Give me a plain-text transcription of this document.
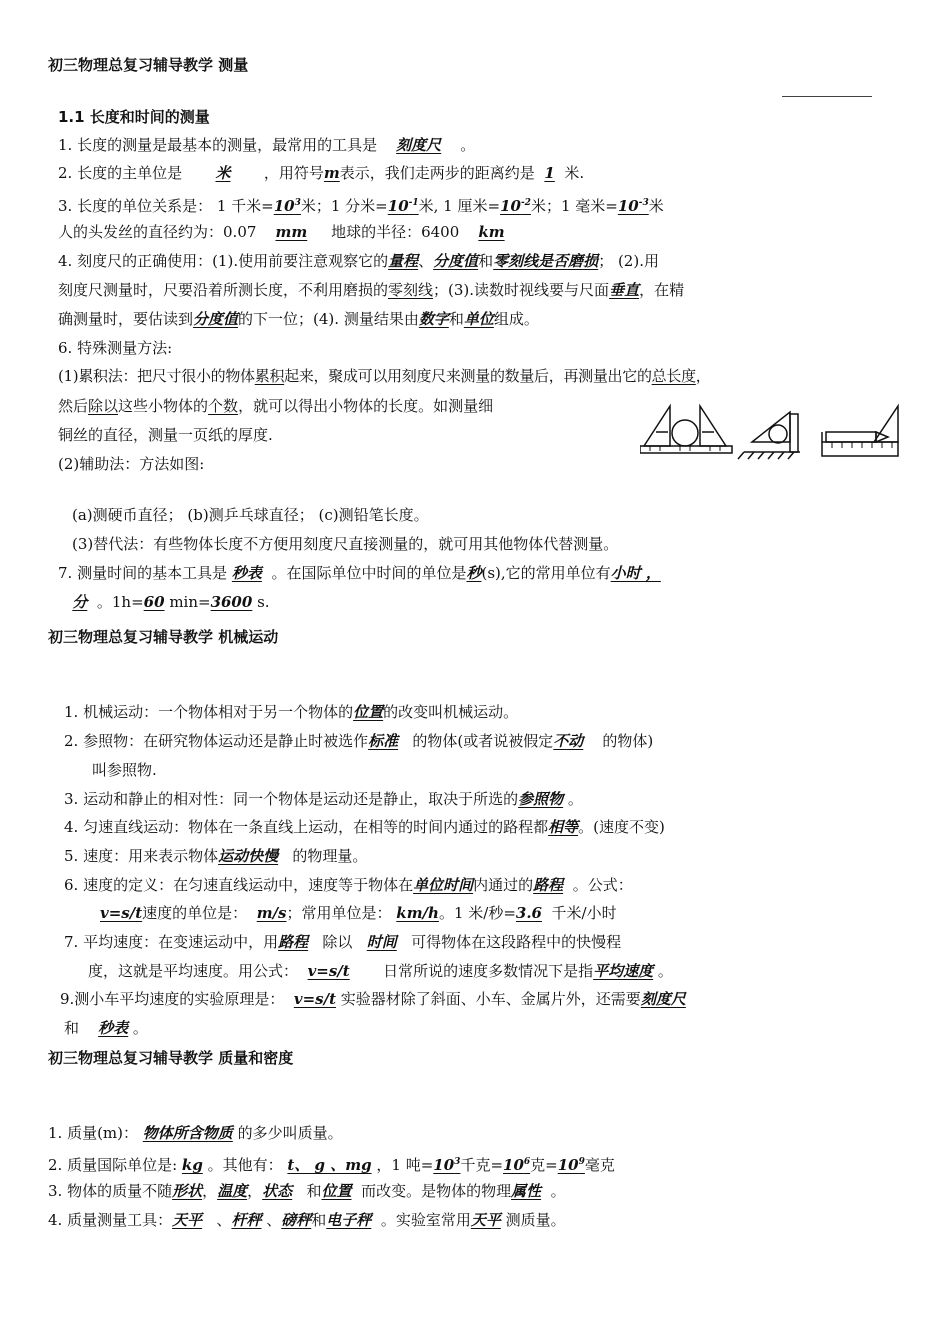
初三物理总复习辅导教学 测量
1.1 长度和时间的测量
1. 长度的测量是最基本的测量，最常用的工具是 刻度尺 。
2. 长度的主单位是 米 ，用符号m表示，我们走两步的距离约是 1 米.
3. 长度的单位关系是： 1 千米$=10^3$米；1 分米$=10^{-1}$米, 1 厘米$=10^{-2}$米；1 毫米$=10^{-3}$米
人的头发丝的直径约为：0.07    mm     地球的半径：6400    km
4. 刻度尺的正确使用：(1).使用前要注意观察它的量程、分度值和零刻线是否磨损； (2).用
刻度尺测量时，尺要沿着所测长度，不利用磨损的零刻线；(3).读数时视线要与尺面垂直，在精
确测量时，要估读到分度值的下一位；(4). 测量结果由数字和单位组成。
6. 特殊测量方法:
(1)累积法：把尺寸很小的物体累积起来，聚成可以用刻度尺来测量的数量后，再测量出它的总长度，
然后除以这些小物体的个数，就可以得出小物体的长度。如测量细
铜丝的直径，测量一页纸的厚度.
(2)辅助法：方法如图:
(a)测硬币直径； (b)测乒乓球直径； (c)测铅笔长度。
(3)替代法：有些物体长度不方便用刻度尺直接测量的，就可用其他物体代替测量。
7. 测量时间的基本工具是 秒表 。在国际单位中时间的单位是秒(s),它的常用单位有小时 ，
分 。1h=60 min=3600 s.
初三物理总复习辅导教学 机械运动
1. 机械运动：一个物体相对于另一个物体的位置的改变叫机械运动。
2. 参照物：在研究物体运动还是静止时被选作标准 的物体(或者说被假定不动 的物体)
叫参照物.
3. 运动和静止的相对性：同一个物体是运动还是静止，取决于所选的参照物 。
4. 匀速直线运动：物体在一条直线上运动，在相等的时间内通过的路程都相等。(速度不变)
5. 速度：用来表示物体运动快慢 的物理量。
6. 速度的定义：在匀速直线运动中，速度等于物体在单位时间内通过的路程 。公式：
v=s/t速度的单位是： m/s；常用单位是： km/h。1 米/秒=3.6 千米/小时
7. 平均速度：在变速运动中，用路程 除以 时间 可得物体在这段路程中的快慢程
度，这就是平均速度。用公式： v=s/t 日常所说的速度多数情况下是指平均速度 。
9.测小车平均速度的实验原理是： v=s/t 实验器材除了斜面、小车、金属片外，还需要刻度尺
和    秒表 。
初三物理总复习辅导教学 质量和密度
1. 质量(m)： 物体所含物质 的多少叫质量。
2. 质量国际单位是: kg 。其他有： t、 g 、mg ，1 吨$=10^3$千克$=10^6$克$=10^9$毫克
3. 物体的质量不随形状，温度，状态 和位置 而改变。是物体的物理属性 。
4. 质量测量工具：天平 、杆秤 、磅秤和电子秤 。实验室常用天平 测质量。
